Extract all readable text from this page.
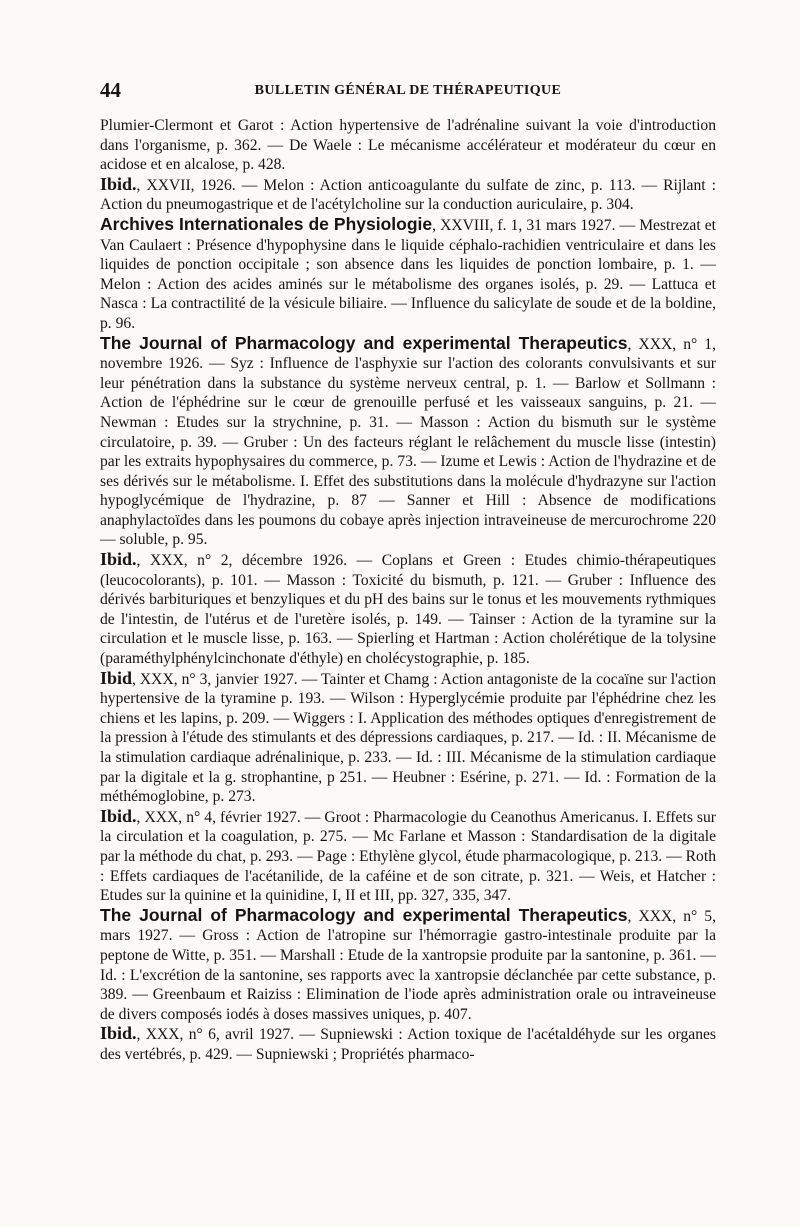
44	BULLETIN GÉNÉRAL DE THÉRAPEUTIQUE

Plumier-Clermont et Garot : Action hypertensive de l'adrénaline suivant la voie d'introduction dans l'organisme, p. 362. — De Waele : Le mécanisme accélérateur et modérateur du cœur en acidose et en alcalose, p. 428.

Ibid., XXVII, 1926. — Melon : Action anticoagulante du sulfate de zinc, p. 113. — Rijlant : Action du pneumogastrique et de l'acétylcholine sur la conduction auriculaire, p. 304.

Archives Internationales de Physiologie, XXVIII, f. 1, 31 mars 1927. — Mestrezat et Van Caulaert : Présence d'hypophysine dans le liquide céphalo-rachidien ventriculaire et dans les liquides de ponction occipitale ; son absence dans les liquides de ponction lombaire, p. 1. — Melon : Action des acides aminés sur le métabolisme des organes isolés, p. 29. — Lattuca et Nasca : La contractilité de la vésicule biliaire. — Influence du salicylate de soude et de la boldine, p. 96.

The Journal of Pharmacology and experimental Therapeutics, XXX, n° 1, novembre 1926. — Syz : Influence de l'asphyxie sur l'action des colorants convulsivants et sur leur pénétration dans la substance du système nerveux central, p. 1. — Barlow et Sollmann : Action de l'éphédrine sur le cœur de grenouille perfusé et les vaisseaux sanguins, p. 21. — Newman : Etudes sur la strychnine, p. 31. — Masson : Action du bismuth sur le système circulatoire, p. 39. — Gruber : Un des facteurs réglant le relâchement du muscle lisse (intestin) par les extraits hypophysaires du commerce, p. 73. — Izume et Lewis : Action de l'hydrazine et de ses dérivés sur le métabolisme. I. Effet des substitutions dans la molécule d'hydrazyne sur l'action hypoglycémique de l'hydrazine, p. 87 — Sanner et Hill : Absence de modifications anaphylactoïdes dans les poumons du cobaye après injection intraveineuse de mercurochrome 220 — soluble, p. 95.

Ibid., XXX, n° 2, décembre 1926. — Coplans et Green : Etudes chimio-thérapeutiques (leucocolorants), p. 101. — Masson : Toxicité du bismuth, p. 121. — Gruber : Influence des dérivés barbituriques et benzyliques et du pH des bains sur le tonus et les mouvements rythmiques de l'intestin, de l'utérus et de l'uretère isolés, p. 149. — Tainser : Action de la tyramine sur la circulation et le muscle lisse, p. 163. — Spierling et Hartman : Action cholérétique de la tolysine (paraméthylphénylcinchonate d'éthyle) en cholécystographie, p. 185.

Ibid, XXX, n° 3, janvier 1927. — Tainter et Chamg : Action antagoniste de la cocaïne sur l'action hypertensive de la tyramine p. 193. — Wilson : Hyperglycémie produite par l'éphédrine chez les chiens et les lapins, p. 209. — Wiggers : I. Application des méthodes optiques d'enregistrement de la pression à l'étude des stimulants et des dépressions cardiaques, p. 217. — Id. : II. Mécanisme de la stimulation cardiaque adrénalinique, p. 233. — Id. : III. Mécanisme de la stimulation cardiaque par la digitale et la g. strophantine, p 251. — Heubner : Esérine, p. 271. — Id. : Formation de la méthémoglobine, p. 273.

Ibid., XXX, n° 4, février 1927. — Groot : Pharmacologie du Ceanothus Americanus. I. Effets sur la circulation et la coagulation, p. 275. — Mc Farlane et Masson : Standardisation de la digitale par la méthode du chat, p. 293. — Page : Ethylène glycol, étude pharmacologique, p. 213. — Roth : Effets cardiaques de l'acétanilide, de la caféine et de son citrate, p. 321. — Weis, et Hatcher : Etudes sur la quinine et la quinidine, I, II et III, pp. 327, 335, 347.

The Journal of Pharmacology and experimental Therapeutics, XXX, n° 5, mars 1927. — Gross : Action de l'atropine sur l'hémorragie gastro-intestinale produite par la peptone de Witte, p. 351. — Marshall : Etude de la xantropsie produite par la santonine, p. 361. — Id. : L'excrétion de la santonine, ses rapports avec la xantropsie déclanchée par cette substance, p. 389. — Greenbaum et Raiziss : Elimination de l'iode après administration orale ou intraveineuse de divers composés iodés à doses massives uniques, p. 407.

Ibid., XXX, n° 6, avril 1927. — Supniewski : Action toxique de l'acétaldéhyde sur les organes des vertébrés, p. 429. — Supniewski ; Propriétés pharmaco-
